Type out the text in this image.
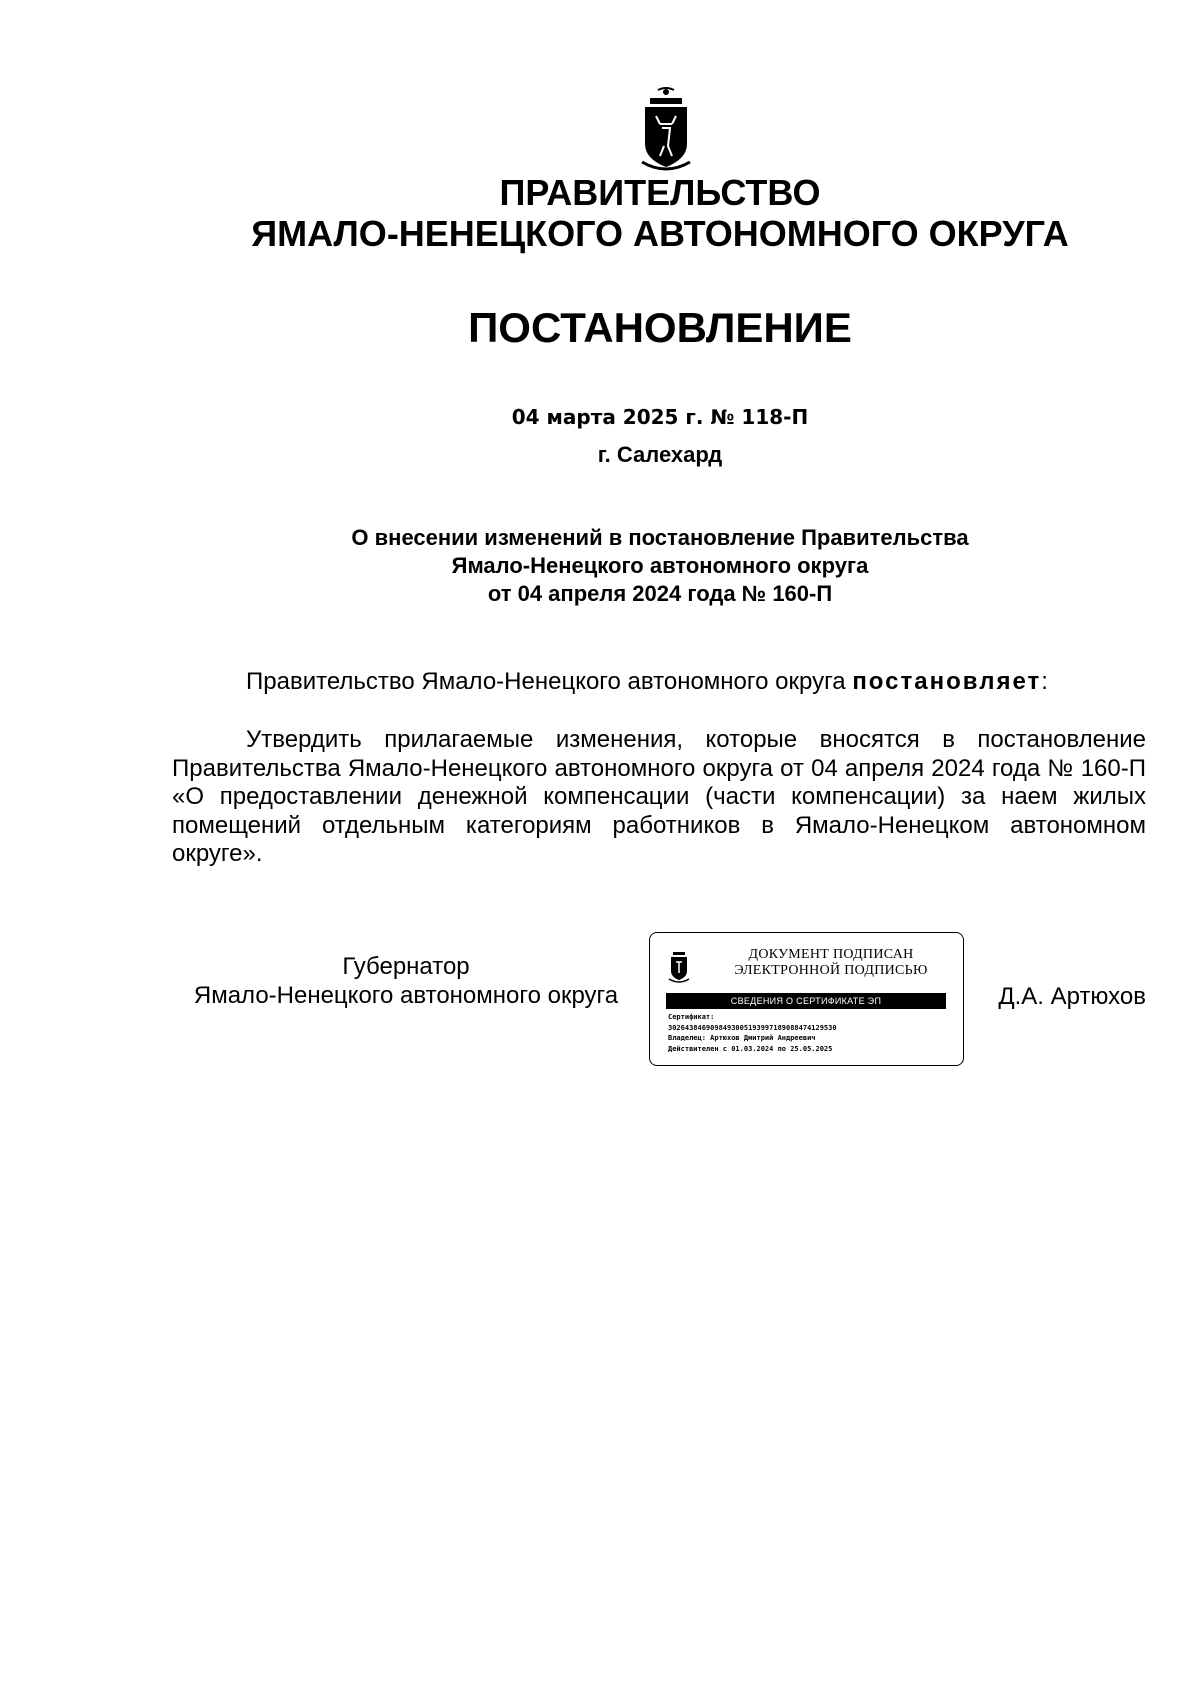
ПРАВИТЕЛЬСТВО
ЯМАЛО-НЕНЕЦКОГО АВТОНОМНОГО ОКРУГА
ПОСТАНОВЛЕНИЕ
04 марта 2025 г. № 118-П
г. Салехард
О внесении изменений в постановление Правительства
Ямало-Ненецкого автономного округа
от 04 апреля 2024 года № 160-П
Правительство Ямало-Ненецкого автономного округа постановляет:
Утвердить прилагаемые изменения, которые вносятся в постановление Правительства Ямало-Ненецкого автономного округа от 04 апреля 2024 года № 160-П «О предоставлении денежной компенсации (части компенсации) за наем жилых помещений отдельным категориям работников в Ямало-Ненецком автономном округе».
Губернатор
Ямало-Ненецкого автономного округа
ДОКУМЕНТ ПОДПИСАН
ЭЛЕКТРОННОЙ ПОДПИСЬЮ
СВЕДЕНИЯ О СЕРТИФИКАТЕ ЭП
Сертификат:
3026438469098493005193997189088474129530
Владелец: Артюхов Дмитрий Андреевич
Действителен с 01.03.2024 по 25.05.2025
Д.А. Артюхов
